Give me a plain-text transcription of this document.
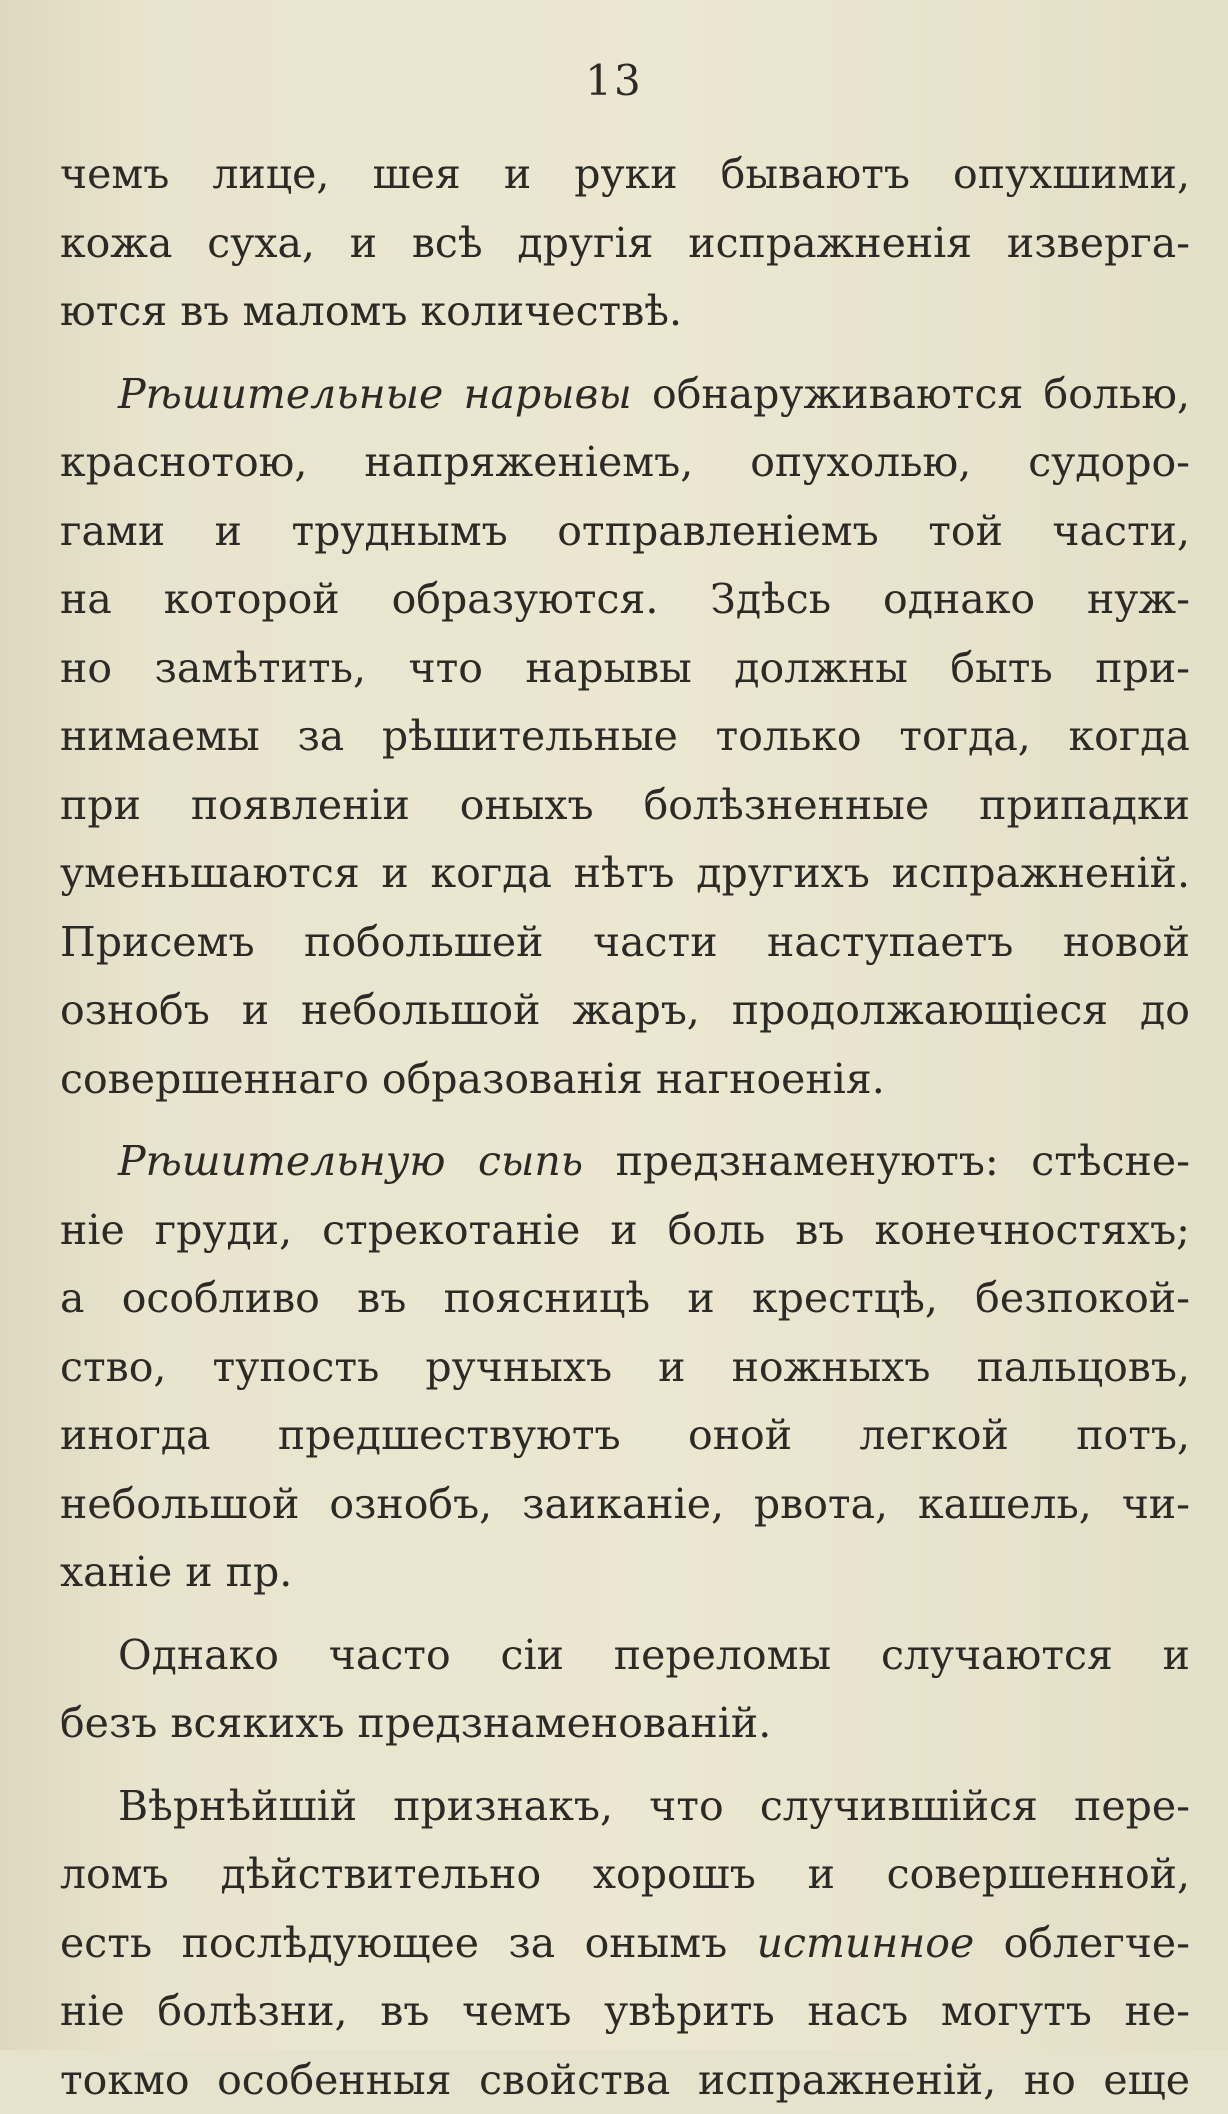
13
чемъ лице, шея и руки бываютъ опухшими,
кожа суха, и всѣ другія испражненія изверга-
ются въ маломъ количествѣ.
Рѣшительные нарывы обнаруживаются болью,
краснотою, напряженіемъ, опухолью, судоро-
гами и труднымъ отправленіемъ той части,
на которой образуются. Здѣсь однако нуж-
но замѣтить, что нарывы должны быть при-
нимаемы за рѣшительные только тогда, когда
при появленіи оныхъ болѣзненные припадки
уменьшаются и когда нѣтъ другихъ испражненій.
Присемъ побольшей части наступаетъ новой
ознобъ и небольшой жаръ, продолжающіеся до
совершеннаго образованія нагноенія.
Рѣшительную сыпь предзнаменуютъ: стѣсне-
ніе груди, стрекотаніе и боль въ конечностяхъ;
а особливо въ поясницѣ и крестцѣ, безпокой-
ство, тупость ручныхъ и ножныхъ пальцовъ,
иногда предшествуютъ оной легкой потъ,
небольшой ознобъ, заиканіе, рвота, кашель, чи-
ханіе и пр.
Однако часто сіи переломы случаются и
безъ всякихъ предзнаменованій.
Вѣрнѣйшій признакъ, что случившійся пере-
ломъ дѣйствительно хорошъ и совершенной,
есть послѣдующее за онымъ истинное облегче-
ніе болѣзни, въ чемъ увѣрить насъ могутъ не-
токмо особенныя свойства испражненій, но еще
